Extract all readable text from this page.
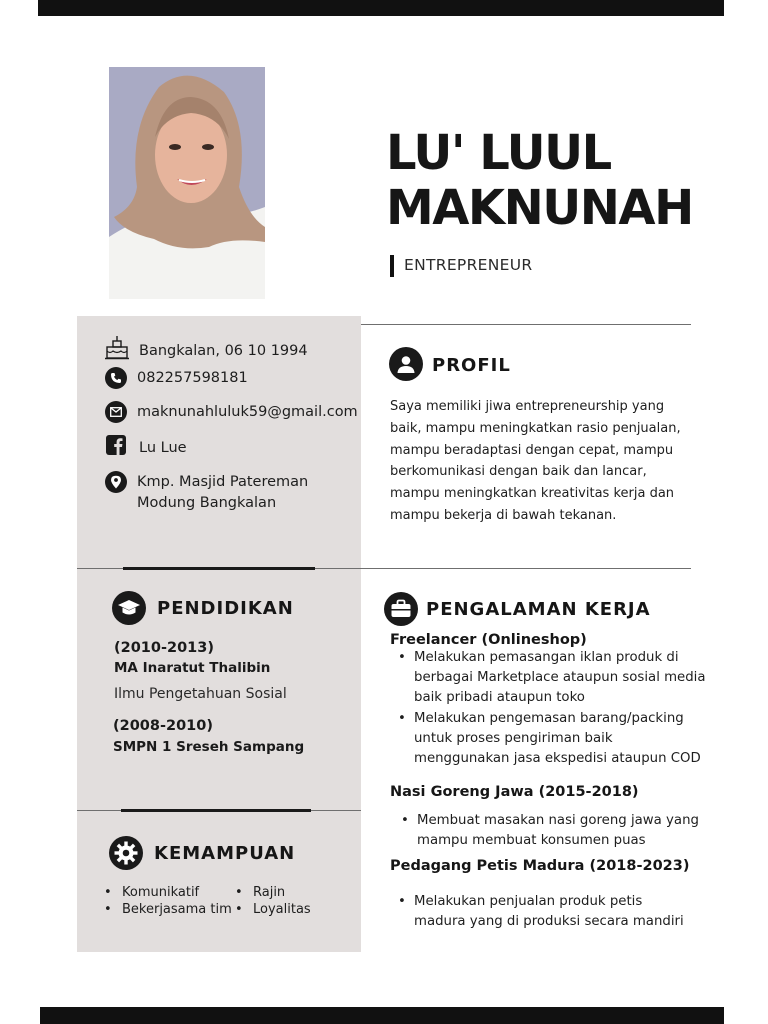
LU' LUUL
MAKNUNAH
ENTREPRENEUR
Bangkalan, 06 10 1994
082257598181
maknunahluluk59@gmail.com
Lu Lue
Kmp. Masjid Patereman
Modung Bangkalan
PROFIL
Saya memiliki jiwa entrepreneurship yang
baik, mampu meningkatkan rasio penjualan,
mampu beradaptasi dengan cepat, mampu
berkomunikasi dengan baik dan lancar,
mampu meningkatkan kreativitas kerja dan
mampu bekerja di bawah tekanan.
PENDIDIKAN
(2010-2013)
MA Inaratut Thalibin
Ilmu Pengetahuan Sosial
(2008-2010)
SMPN 1 Sreseh Sampang
KEMAMPUAN
• Komunikatif
• Bekerjasama tim
• Rajin
• Loyalitas
PENGALAMAN KERJA
Freelancer (Onlineshop)
• Melakukan pemasangan iklan produk di
berbagai Marketplace ataupun sosial media
baik pribadi ataupun toko
• Melakukan pengemasan barang/packing
untuk proses pengiriman baik
menggunakan jasa ekspedisi ataupun COD
Nasi Goreng Jawa (2015-2018)
• Membuat masakan nasi goreng jawa yang
mampu membuat konsumen puas
Pedagang Petis Madura (2018-2023)
• Melakukan penjualan produk petis
madura yang di produksi secara mandiri
